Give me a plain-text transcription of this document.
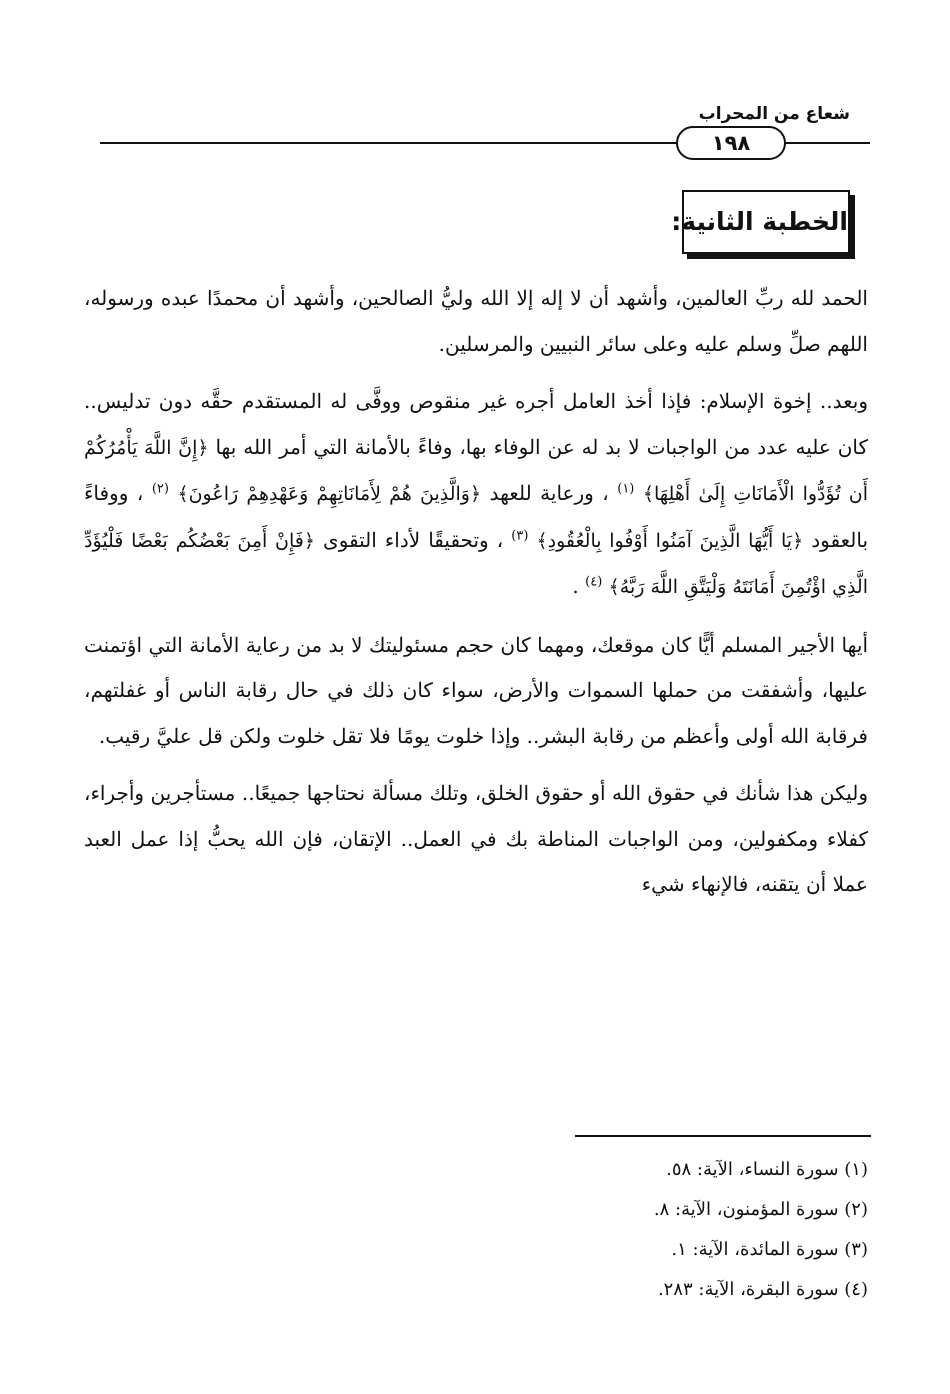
شعاع من المحراب
١٩٨
الخطبة الثانية:

الحمد لله ربِّ العالمين، وأشهد أن لا إله إلا الله وليُّ الصالحين، وأشهد أن محمدًا عبده ورسوله، اللهم صلِّ وسلم عليه وعلى سائر النبيين والمرسلين.

وبعد.. إخوة الإسلام: فإذا أخذ العامل أجره غير منقوص ووفَّى له المستقدم حقَّه دون تدليس.. كان عليه عدد من الواجبات لا بد له عن الوفاء بها، وفاءً بالأمانة التي أمر الله بها ﴿إِنَّ اللَّهَ يَأْمُرُكُمْ أَن تُؤَدُّوا الْأَمَانَاتِ إِلَىٰ أَهْلِهَا﴾ $^{(١)}$ ، ورعاية للعهد ﴿وَالَّذِينَ هُمْ لِأَمَانَاتِهِمْ وَعَهْدِهِمْ رَاعُونَ﴾ $^{(٢)}$ ، ووفاءً بالعقود ﴿يَا أَيُّهَا الَّذِينَ آمَنُوا أَوْفُوا بِالْعُقُودِ﴾ $^{(٣)}$ ، وتحقيقًا لأداء التقوى ﴿فَإِنْ أَمِنَ بَعْضُكُم بَعْضًا فَلْيُؤَدِّ الَّذِي اؤْتُمِنَ أَمَانَتَهُ وَلْيَتَّقِ اللَّهَ رَبَّهُ﴾ $^{(٤)}$ .

أيها الأجير المسلم أيًّا كان موقعك، ومهما كان حجم مسئوليتك لا بد من رعاية الأمانة التي اؤتمنت عليها، وأشفقت من حملها السموات والأرض، سواء كان ذلك في حال رقابة الناس أو غفلتهم، فرقابة الله أولى وأعظم من رقابة البشر.. وإذا خلوت يومًا فلا تقل خلوت ولكن قل عليَّ رقيب.

وليكن هذا شأنك في حقوق الله أو حقوق الخلق، وتلك مسألة نحتاجها جميعًا.. مستأجرين وأجراء، كفلاء ومكفولين، ومن الواجبات المناطة بك في العمل.. الإتقان، فإن الله يحبُّ إذا عمل العبد عملا أن يتقنه، فالإنهاء شيء

(١) سورة النساء، الآية: ٥٨.
(٢) سورة المؤمنون، الآية: ٨.
(٣) سورة المائدة، الآية: ١.
(٤) سورة البقرة، الآية: ٢٨٣.
